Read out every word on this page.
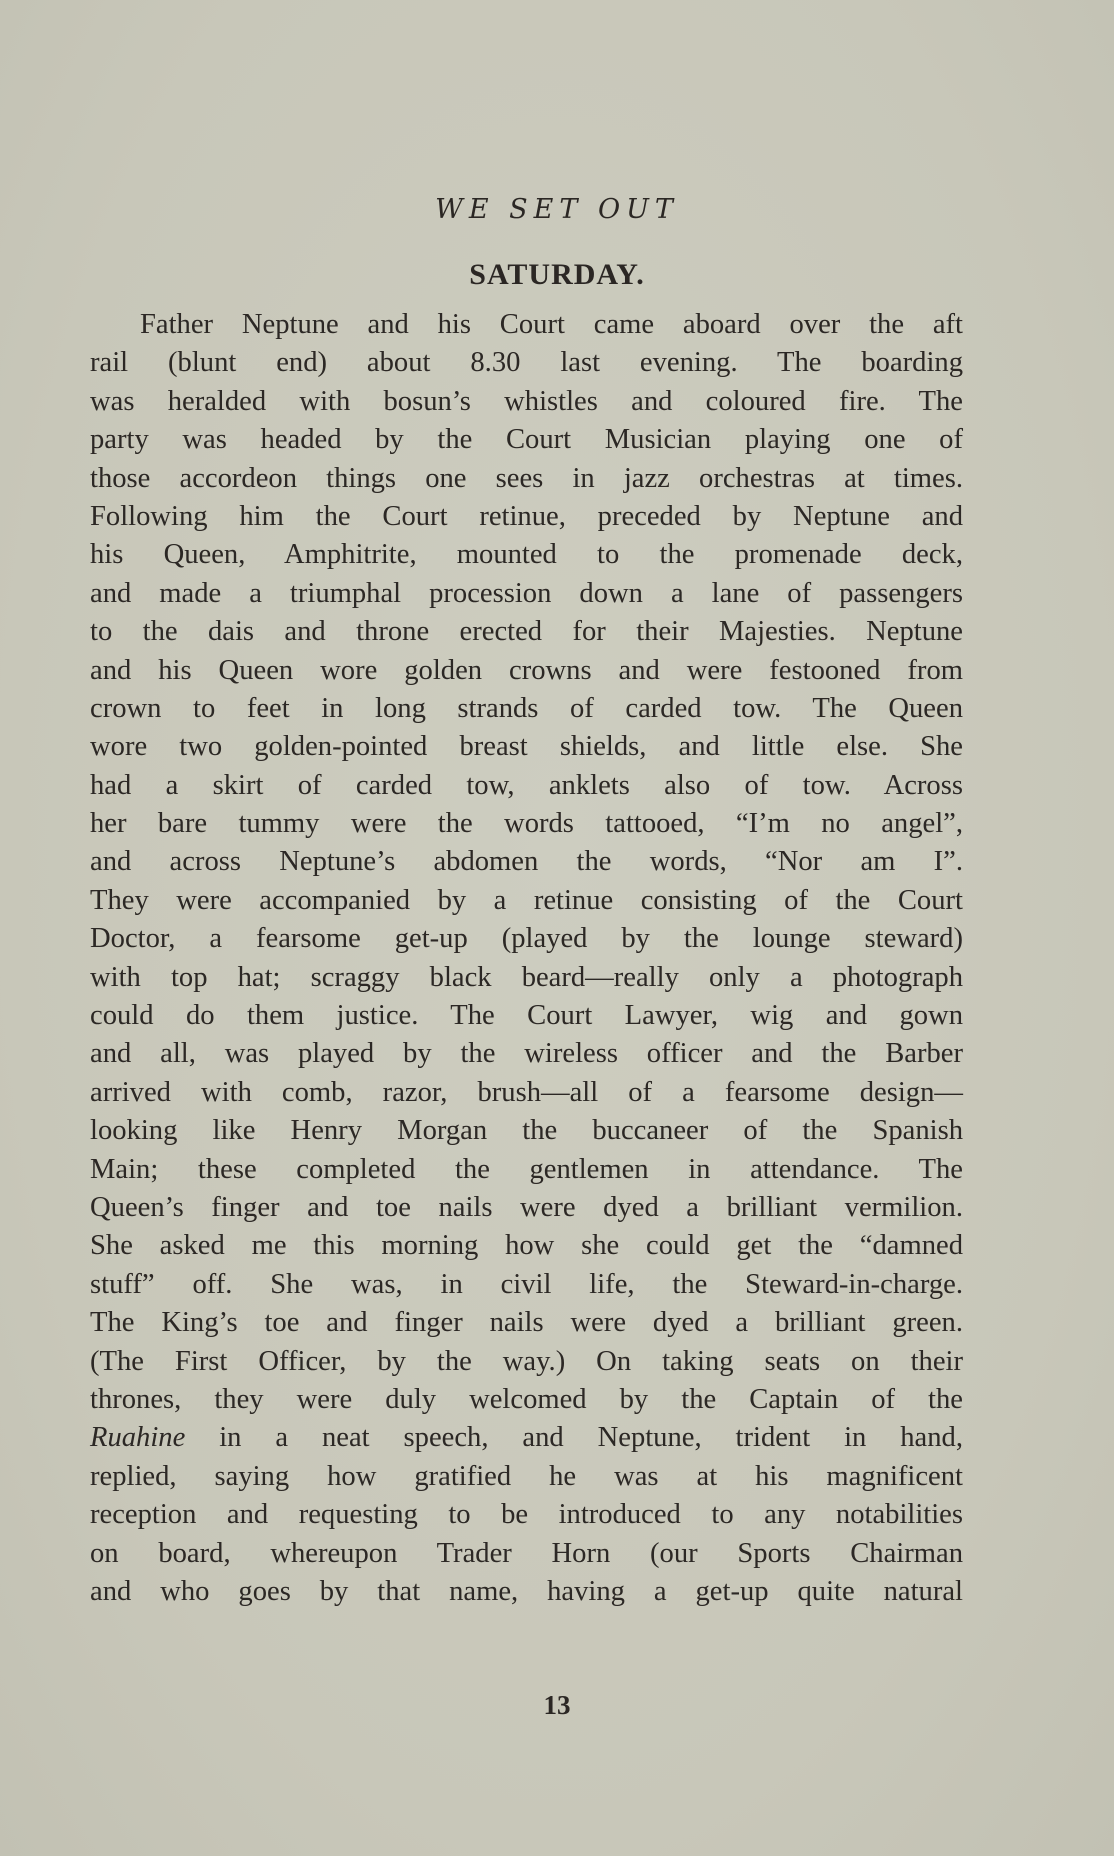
WE SET OUT
SATURDAY.
Father Neptune and his Court came aboard over the aft
rail (blunt end) about 8.30 last evening. The boarding
was heralded with bosun’s whistles and coloured fire. The
party was headed by the Court Musician playing one of
those accordeon things one sees in jazz orchestras at times.
Following him the Court retinue, preceded by Neptune and
his Queen, Amphitrite, mounted to the promenade deck,
and made a triumphal procession down a lane of passengers
to the dais and throne erected for their Majesties. Neptune
and his Queen wore golden crowns and were festooned from
crown to feet in long strands of carded tow. The Queen
wore two golden-pointed breast shields, and little else. She
had a skirt of carded tow, anklets also of tow. Across
her bare tummy were the words tattooed, “I’m no angel”,
and across Neptune’s abdomen the words, “Nor am I”.
They were accompanied by a retinue consisting of the Court
Doctor, a fearsome get-up (played by the lounge steward)
with top hat; scraggy black beard—really only a photograph
could do them justice. The Court Lawyer, wig and gown
and all, was played by the wireless officer and the Barber
arrived with comb, razor, brush—all of a fearsome design—
looking like Henry Morgan the buccaneer of the Spanish
Main; these completed the gentlemen in attendance. The
Queen’s finger and toe nails were dyed a brilliant vermilion.
She asked me this morning how she could get the “damned
stuff” off. She was, in civil life, the Steward-in-charge.
The King’s toe and finger nails were dyed a brilliant green.
(The First Officer, by the way.) On taking seats on their
thrones, they were duly welcomed by the Captain of the
Ruahine in a neat speech, and Neptune, trident in hand,
replied, saying how gratified he was at his magnificent
reception and requesting to be introduced to any notabilities
on board, whereupon Trader Horn (our Sports Chairman
and who goes by that name, having a get-up quite natural
13
